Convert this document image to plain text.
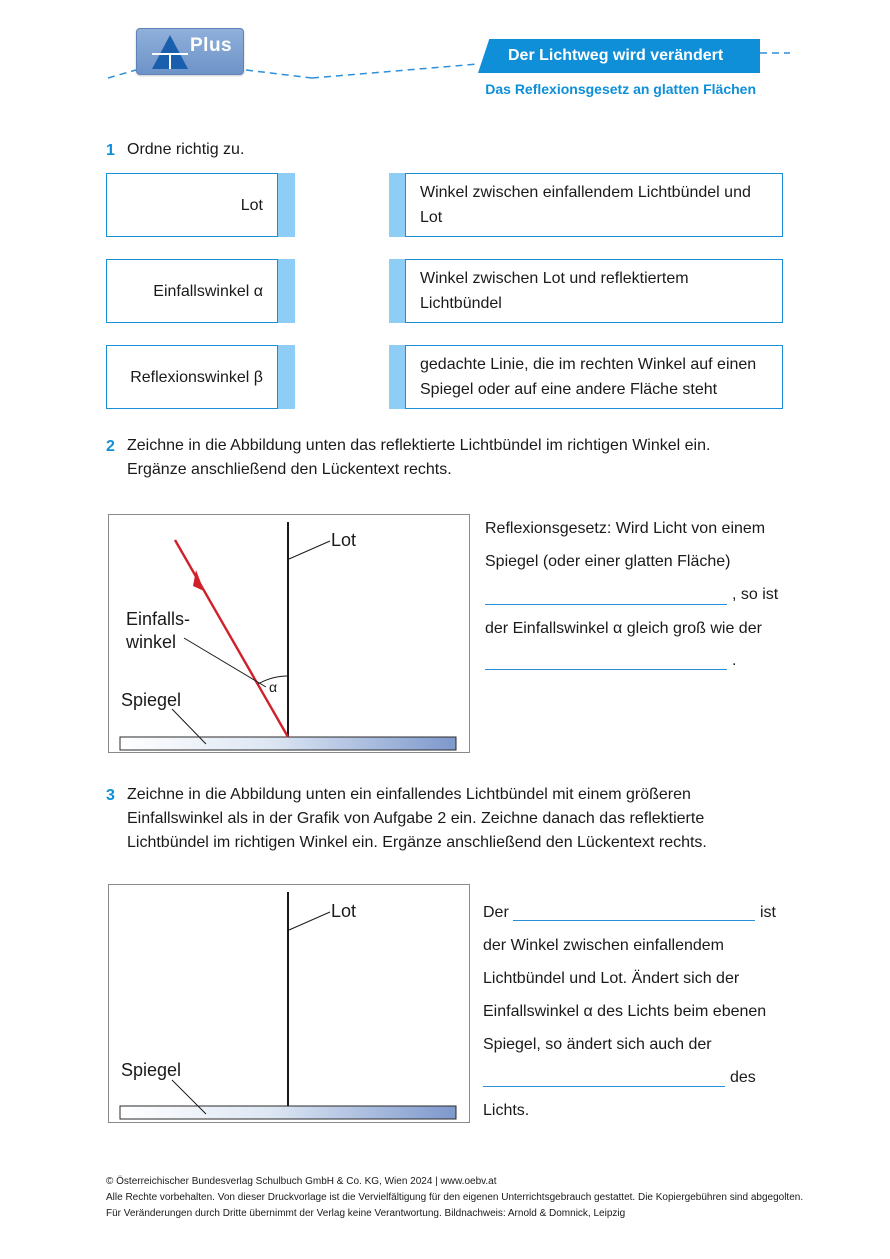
Plus	Der Lichtweg wird verändert
Das Reflexionsgesetz an glatten Flächen
1 Ordne richtig zu.
Lot
Winkel zwischen einfallendem Lichtbündel und
Lot
Einfallswinkel α
Winkel zwischen Lot und reflektiertem
Lichtbündel
Reflexionswinkel β
gedachte Linie, die im rechten Winkel auf einen
Spiegel oder auf eine andere Fläche steht
2 Zeichne in die Abbildung unten das reflektierte Lichtbündel im richtigen Winkel ein.
Ergänze anschließend den Lückentext rechts.
Lot
Einfalls-
winkel
α
Spiegel
Reflexionsgesetz: Wird Licht von einem
Spiegel (oder einer glatten Fläche)
, so ist
der Einfallswinkel α gleich groß wie der
.
3 Zeichne in die Abbildung unten ein einfallendes Lichtbündel mit einem größeren
Einfallswinkel als in der Grafik von Aufgabe 2 ein. Zeichne danach das reflektierte
Lichtbündel im richtigen Winkel ein. Ergänze anschließend den Lückentext rechts.
Lot
Spiegel
Der	ist
der Winkel zwischen einfallendem
Lichtbündel und Lot. Ändert sich der
Einfallswinkel α des Lichts beim ebenen
Spiegel, so ändert sich auch der
des
Lichts.
© Österreichischer Bundesverlag Schulbuch GmbH & Co. KG, Wien 2024 | www.oebv.at
Alle Rechte vorbehalten. Von dieser Druckvorlage ist die Vervielfältigung für den eigenen Unterrichtsgebrauch gestattet. Die Kopiergebühren sind abgegolten.
Für Veränderungen durch Dritte übernimmt der Verlag keine Verantwortung. Bildnachweis: Arnold & Domnick, Leipzig
